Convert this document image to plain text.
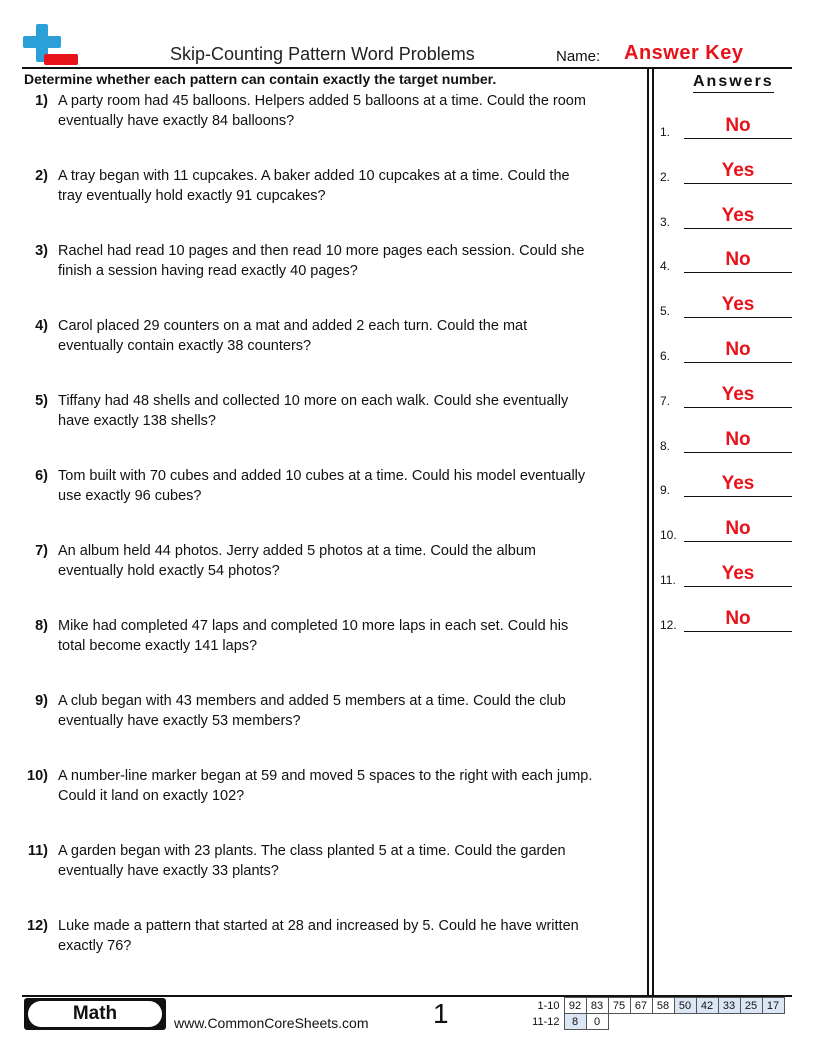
Skip-Counting Pattern Word Problems	Name: Answer Key
Determine whether each pattern can contain exactly the target number.	Answers
1) A party room had 45 balloons. Helpers added 5 balloons at a time. Could the room
eventually have exactly 84 balloons?
2) A tray began with 11 cupcakes. A baker added 10 cupcakes at a time. Could the
tray eventually hold exactly 91 cupcakes?
3) Rachel had read 10 pages and then read 10 more pages each session. Could she
finish a session having read exactly 40 pages?
4) Carol placed 29 counters on a mat and added 2 each turn. Could the mat
eventually contain exactly 38 counters?
5) Tiffany had 48 shells and collected 10 more on each walk. Could she eventually
have exactly 138 shells?
6) Tom built with 70 cubes and added 10 cubes at a time. Could his model eventually
use exactly 96 cubes?
7) An album held 44 photos. Jerry added 5 photos at a time. Could the album
eventually hold exactly 54 photos?
8) Mike had completed 47 laps and completed 10 more laps in each set. Could his
total become exactly 141 laps?
9) A club began with 43 members and added 5 members at a time. Could the club
eventually have exactly 53 members?
10) A number-line marker began at 59 and moved 5 spaces to the right with each jump.
Could it land on exactly 102?
11) A garden began with 23 plants. The class planted 5 at a time. Could the garden
eventually have exactly 33 plants?
12) Luke made a pattern that started at 28 and increased by 5. Could he have written
exactly 76?
1.	No
2.	Yes
3.	Yes
4.	No
5.	Yes
6.	No
7.	Yes
8.	No
9.	Yes
10.	No
11.	Yes
12.	No
Math	www.CommonCoreSheets.com 1	1-10	92	83	75	67	58	50	42	33	25	17
11-12	8	0								
